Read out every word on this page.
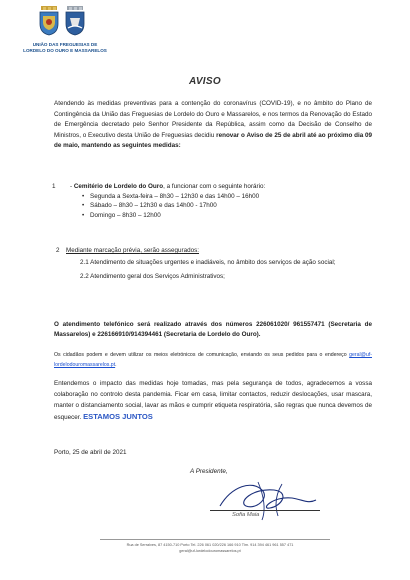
UNIÃO DAS FREGUESIAS DE
LORDELO DO OURO E MASSARELOS
AVISO
Atendendo às medidas preventivas para a contenção do coronavírus (COVID-19), e no âmbito do Plano de Contingência da União das Freguesias de Lordelo do Ouro e Massarelos, e nos termos da Renovação do Estado de Emergência decretado pelo Senhor Presidente da República, assim como da Decisão de Conselho de Ministros, o Executivo desta União de Freguesias decidiu renovar o Aviso de 25 de abril até ao próximo dia 09 de maio, mantendo as seguintes medidas:
1 - Cemitério de Lordelo do Ouro, a funcionar com o seguinte horário:
• Segunda a Sexta-feira – 8h30 – 12h30 e das 14h00 – 16h00
• Sábado – 8h30 – 12h30 e das 14h00 - 17h00
• Domingo – 8h30 – 12h00
2 Mediante marcação prévia, serão assegurados:
2.1 Atendimento de situações urgentes e inadiáveis, no âmbito dos serviços de ação social;
2.2 Atendimento geral dos Serviços Administrativos;
O atendimento telefónico será realizado através dos números 226061020/ 961557471 (Secretaria de Massarelos) e 226166910/914394461 (Secretaria de Lordelo do Ouro).
Os cidadãos podem e devem utilizar os meios eletrónicos de comunicação, enviando os seus pedidos para o endereço geral@uf-lordelodouromassarelos.pt.
Entendemos o impacto das medidas hoje tomadas, mas pela segurança de todos, agradecemos a vossa colaboração no controlo desta pandemia. Ficar em casa, limitar contactos, reduzir deslocações, usar mascara, manter o distanciamento social, lavar as mãos e cumprir etiqueta respiratória, são regras que nunca devemos de esquecer. ESTAMOS JUNTOS
Porto, 25 de abril de 2021
A Presidente,
Sofia Maia
Rua de Serralves, 87 4150-710 Porto Tel. 226 061 020/226 166 910 Tlm. 914 394 461 961 557 471
geral@uf-lordelodouromassarelos.pt
